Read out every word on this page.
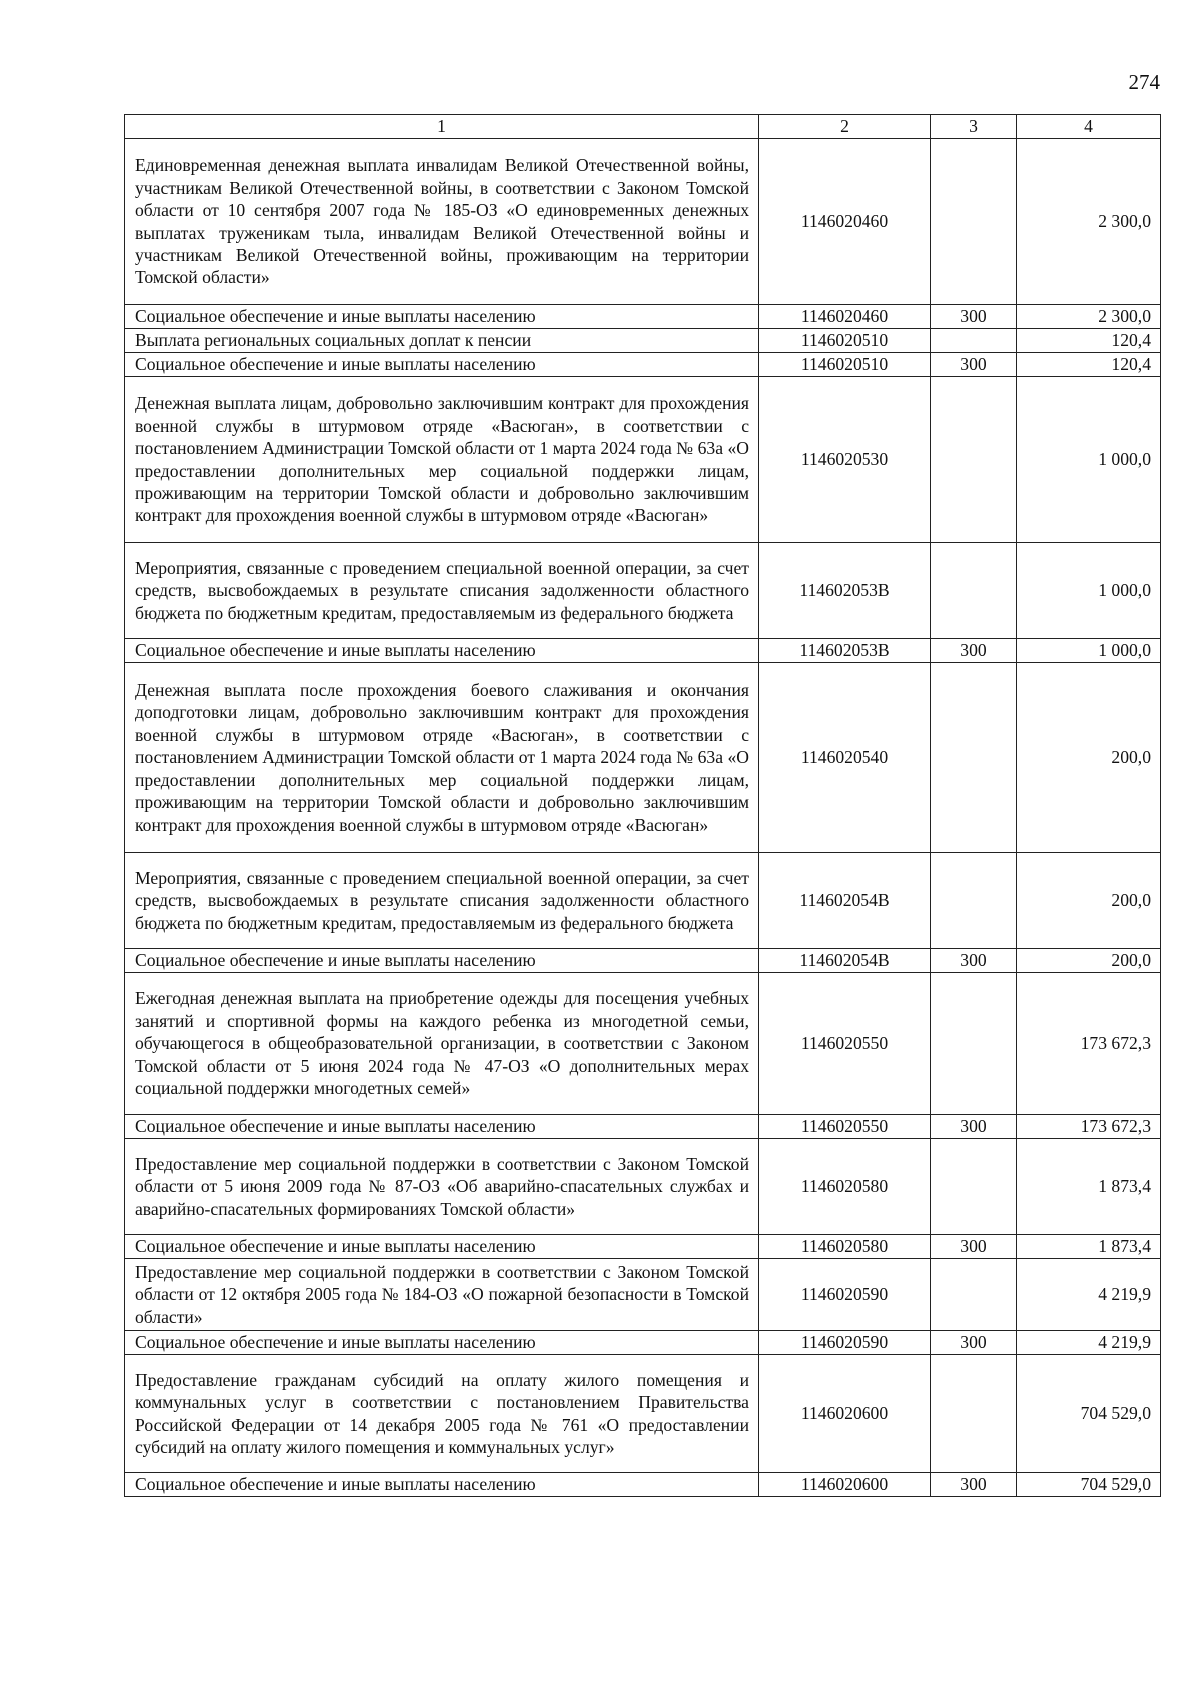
274
1	2	3	4
Единовременная денежная выплата инвалидам Великой Отечественной войны, участникам Великой Отечественной войны, в соответствии с Законом Томской области от 10 сентября 2007 года № 185-ОЗ «О единовременных денежных выплатах труженикам тыла, инвалидам Великой Отечественной войны и участникам Великой Отечественной войны, проживающим на территории Томской области»	1146020460		2 300,0
Социальное обеспечение и иные выплаты населению	1146020460	300	2 300,0
Выплата региональных социальных доплат к пенсии	1146020510		120,4
Социальное обеспечение и иные выплаты населению	1146020510	300	120,4
Денежная выплата лицам, добровольно заключившим контракт для прохождения военной службы в штурмовом отряде «Васюган», в соответствии с постановлением Администрации Томской области от 1 марта 2024 года № 63а «О предоставлении дополнительных мер социальной поддержки лицам, проживающим на территории Томской области и добровольно заключившим контракт для прохождения военной службы в штурмовом отряде «Васюган»	1146020530		1 000,0
Мероприятия, связанные с проведением специальной военной операции, за счет средств, высвобождаемых в результате списания задолженности областного бюджета по бюджетным кредитам, предоставляемым из федерального бюджета	114602053В		1 000,0
Социальное обеспечение и иные выплаты населению	114602053В	300	1 000,0
Денежная выплата после прохождения боевого слаживания и окончания доподготовки лицам, добровольно заключившим контракт для прохождения военной службы в штурмовом отряде «Васюган», в соответствии с постановлением Администрации Томской области от 1 марта 2024 года № 63а «О предоставлении дополнительных мер социальной поддержки лицам, проживающим на территории Томской области и добровольно заключившим контракт для прохождения военной службы в штурмовом отряде «Васюган»	1146020540		200,0
Мероприятия, связанные с проведением специальной военной операции, за счет средств, высвобождаемых в результате списания задолженности областного бюджета по бюджетным кредитам, предоставляемым из федерального бюджета	114602054В		200,0
Социальное обеспечение и иные выплаты населению	114602054В	300	200,0
Ежегодная денежная выплата на приобретение одежды для посещения учебных занятий и спортивной формы на каждого ребенка из многодетной семьи, обучающегося в общеобразовательной организации, в соответствии с Законом Томской области от 5 июня 2024 года № 47-ОЗ «О дополнительных мерах социальной поддержки многодетных семей»	1146020550		173 672,3
Социальное обеспечение и иные выплаты населению	1146020550	300	173 672,3
Предоставление мер социальной поддержки в соответствии с Законом Томской области от 5 июня 2009 года № 87-ОЗ «Об аварийно-спасательных службах и аварийно-спасательных формированиях Томской области»	1146020580		1 873,4
Социальное обеспечение и иные выплаты населению	1146020580	300	1 873,4
Предоставление мер социальной поддержки в соответствии с Законом Томской области от 12 октября 2005 года № 184-ОЗ «О пожарной безопасности в Томской области»	1146020590		4 219,9
Социальное обеспечение и иные выплаты населению	1146020590	300	4 219,9
Предоставление гражданам субсидий на оплату жилого помещения и коммунальных услуг в соответствии с постановлением Правительства Российской Федерации от 14 декабря 2005 года № 761 «О предоставлении субсидий на оплату жилого помещения и коммунальных услуг»	1146020600		704 529,0
Социальное обеспечение и иные выплаты населению	1146020600	300	704 529,0
